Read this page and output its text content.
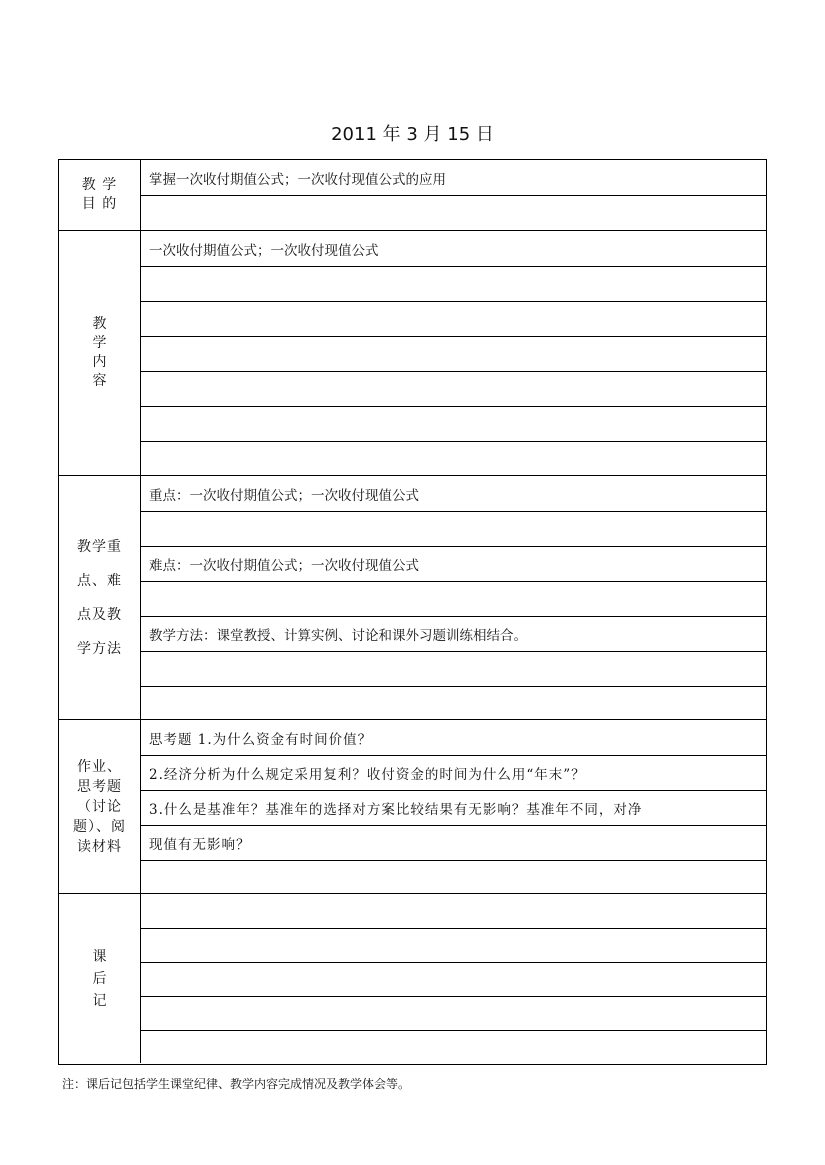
2011 年 3 月 15 日
教 学
目 的
掌握一次收付期值公式；一次收付现值公式的应用
教
学
内
容
一次收付期值公式；一次收付现值公式
教学重
点、难
点及教
学方法
重点：一次收付期值公式；一次收付现值公式
难点：一次收付期值公式；一次收付现值公式
教学方法：课堂教授、计算实例、讨论和课外习题训练相结合。
作业、
思考题
（讨论
题）、阅
读材料
思考题 1.为什么资金有时间价值？
2.经济分析为什么规定采用复利？收付资金的时间为什么用“年末”？
3.什么是基准年？基准年的选择对方案比较结果有无影响？基准年不同，对净
现值有无影响？
课
后
记
注：课后记包括学生课堂纪律、教学内容完成情况及教学体会等。
